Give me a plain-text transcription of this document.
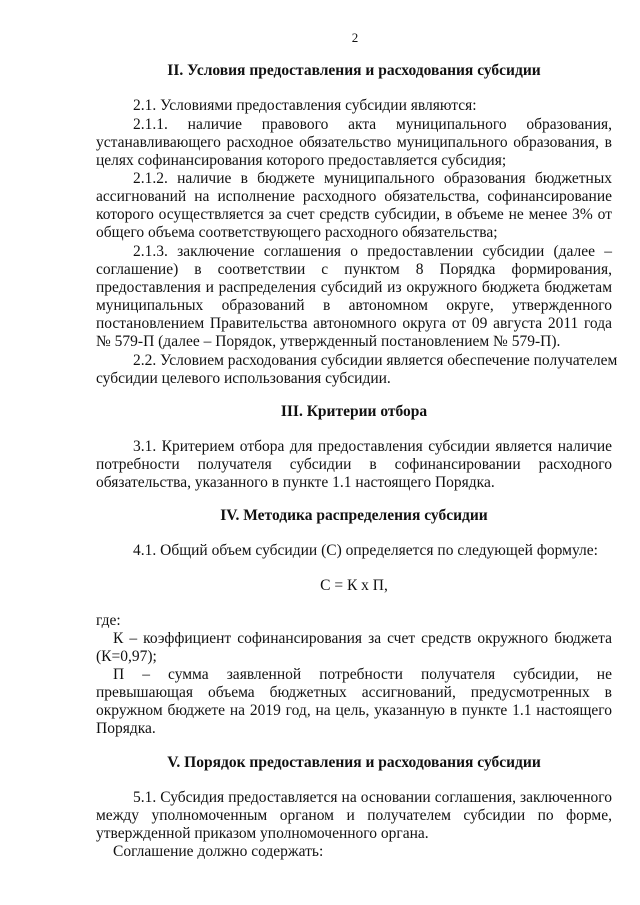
2

II. Условия предоставления и расходования субсидии

2.1. Условиями предоставления субсидии являются:

2.1.1. наличие правового акта муниципального образования,

устанавливающего расходное обязательство муниципального образования, в

целях софинансирования которого предоставляется субсидия;

2.1.2. наличие в бюджете муниципального образования бюджетных

ассигнований на исполнение расходного обязательства, софинансирование

которого осуществляется за счет средств субсидии, в объеме не менее 3% от

общего объема соответствующего расходного обязательства;

2.1.3. заключение соглашения о предоставлении субсидии (далее –

соглашение) в соответствии с пунктом 8 Порядка формирования,

предоставления и распределения субсидий из окружного бюджета бюджетам

муниципальных образований в автономном округе, утвержденного

постановлением Правительства автономного округа от 09 августа 2011 года

№ 579-П (далее – Порядок, утвержденный постановлением № 579-П).

2.2. Условием расходования субсидии является обеспечение получателем

субсидии целевого использования субсидии.

III. Критерии отбора

3.1. Критерием отбора для предоставления субсидии является наличие

потребности получателя субсидии в софинансировании расходного

обязательства, указанного в пункте 1.1 настоящего Порядка.

IV. Методика распределения субсидии

4.1. Общий объем субсидии (С) определяется по следующей формуле:

С = К х П,

где:

К – коэффициент софинансирования за счет средств окружного бюджета

(К=0,97);

П – сумма заявленной потребности получателя субсидии, не

превышающая объема бюджетных ассигнований, предусмотренных в

окружном бюджете на 2019 год, на цель, указанную в пункте 1.1 настоящего

Порядка.

V. Порядок предоставления и расходования субсидии

5.1. Субсидия предоставляется на основании соглашения, заключенного

между уполномоченным органом и получателем субсидии по форме,

утвержденной приказом уполномоченного органа.

Соглашение должно содержать:
